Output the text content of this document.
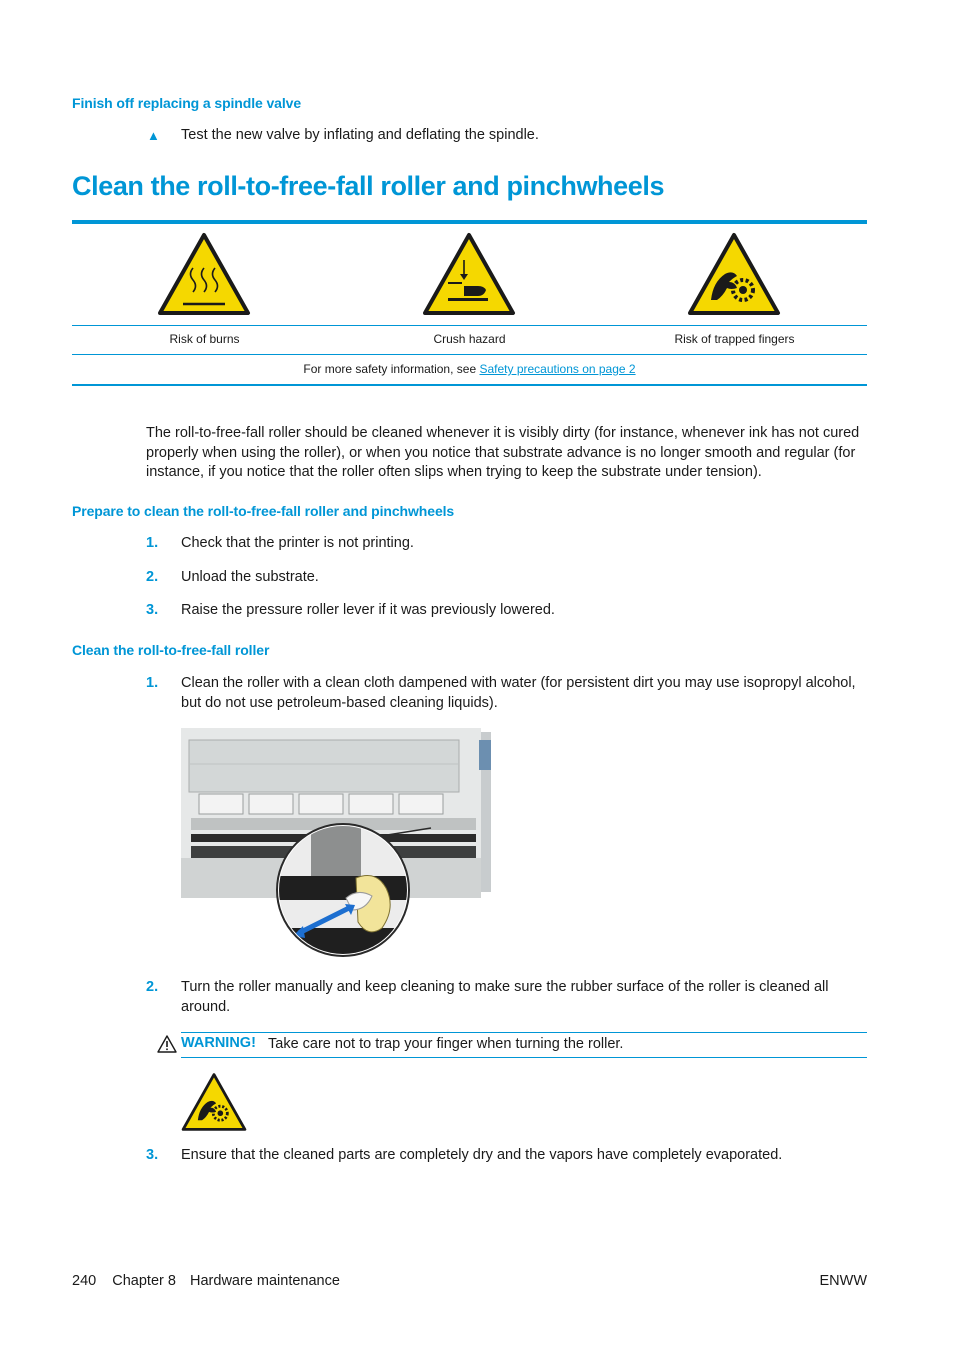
Finish off replacing a spindle valve
▲ Test the new valve by inflating and deflating the spindle.
Clean the roll-to-free-fall roller and pinchwheels
Risk of burns	Crush hazard	Risk of trapped fingers
For more safety information, see Safety precautions on page 2
The roll-to-free-fall roller should be cleaned whenever it is visibly dirty (for instance, whenever ink has not cured properly when using the roller), or when you notice that substrate advance is no longer smooth and regular (for instance, if you notice that the roller often slips when trying to keep the substrate under tension).
Prepare to clean the roll-to-free-fall roller and pinchwheels
1. Check that the printer is not printing.
2. Unload the substrate.
3. Raise the pressure roller lever if it was previously lowered.
Clean the roll-to-free-fall roller
1. Clean the roller with a clean cloth dampened with water (for persistent dirt you may use isopropyl alcohol, but do not use petroleum-based cleaning liquids).
2. Turn the roller manually and keep cleaning to make sure the rubber surface of the roller is cleaned all around.
WARNING! Take care not to trap your finger when turning the roller.
3. Ensure that the cleaned parts are completely dry and the vapors have completely evaporated.
240 Chapter 8 Hardware maintenance	ENWW
